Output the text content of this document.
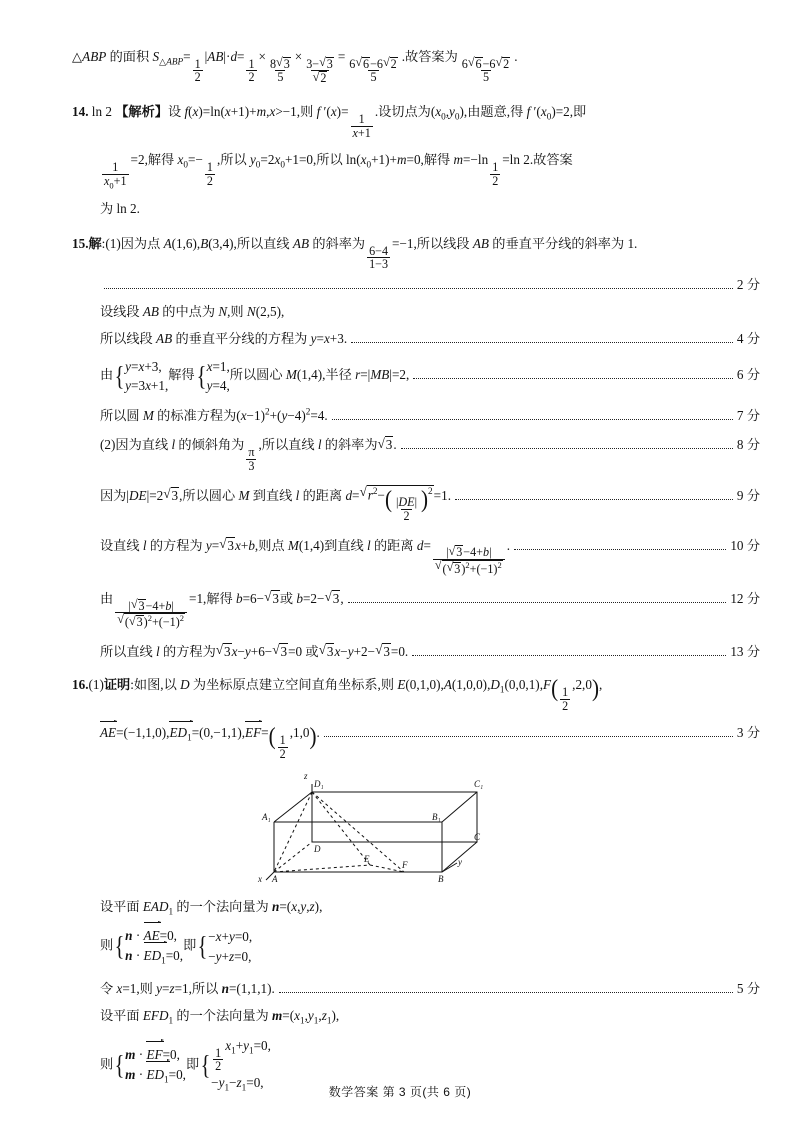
△ABP 的面积 $S_{\triangle ABP}=$
$\frac{1}{2}$
|AB|·d=
$\frac{1}{2}$
×
$\frac{8 √ 3}{5}$
×
3− √ 3
√ 2
=
$\frac{6 √ 6-6 √ 2}{5}$
.故答案为
$\frac{6 √ 6-6 √ 2}{5}$
.
14. ln 2 【解析】设 f(x)=ln(x+1)+m,x>−1,则 f ′(x)=
$\frac{1}{x+1}$
.设切点为$(x_0,y_0)$,由题意,得 f $'(x_0)=2$,即
$\frac{1}{x_0+1}$
=2,解得 $x_0=-$
$\frac{1}{2}$
,所以 $y_0=2x_0+1=0$,所以 $\ln(x_0+1)+m=0$,解得 m=−ln
$\frac{1}{2}$
=ln 2.故答案
为 ln 2.
15.解:(1)因为点 A(1,6),B(3,4),所以直线 AB 的斜率为
$\frac{6-4}{1-3}$
=−1,所以线段 AB 的垂直平分线的斜率为 1.
2 分
设线段 AB 的中点为 N,则 N(2,5),
所以线段 AB 的垂直平分线的方程为 y=x+3.	4 分
由 { y=x+3,
y=3x+1,
解得 { x=1,
y=4,
所以圆心 M(1,4),半径 r=|MB|=2,	6 分
所以圆 M 的标准方程为$(x-1)^2+(y-4)^2=4$.	7 分
(2)因为直线 l 的倾斜角为
$\frac{\pi}{3}$
,所以直线 l 的斜率为 √ 3.	8 分
因为|DE|=2 √ 3,所以圆心 M 到直线 l 的距离 d= √ $r^2-( \frac{|DE|}{2} )^2=1$.	9 分
设直线 l 的方程为 y= √ 3x+b,则点 M(1,4)到直线 l 的距离 d=
| √ 3−4+b|
√ ( √ $3)^2+(-1)^2$
.	10 分
由
| √ 3−4+b|
√ ( √ $3)^2+(-1)^2$
=1,解得 b=6− √ 3或 b=2− √ 3,	12 分
所以直线 l 的方程为 √ 3x−y+6− √ 3=0 或 √ 3x−y+2− √ 3=0.	13 分
16.(1)证明:如图,以 D 为坐标原点建立空间直角坐标系,则 $E(0,1,0),A(1,0,0),D_1(0,0,1),F( \frac{1}{2}$
,2,0),
$AE=(-1,1,0),ED_1=(0,-1,1),EF=( \frac{1}{2}$
,1,0).	3 分
z
D₁	C₁
A₁	B₁
D
E
C
y
x A
F
B
设平面 $EAD_1$ 的一个法向量为 n=(x,y,z),
则 { n · AE=0,
$n \cdot ED_1=0$,
即 { −x+y=0,
−y+z=0,
令 x=1,则 y=z=1,所以 n=(1,1,1).	5 分
设平面 $EFD_1$ 的一个法向量为 $m=(x_1,y_1,z_1)$,
则 { m · EF=0,
$m \cdot ED_1=0$,
即 { $\frac{1}{2}$
$x_1+y_1=0$,
$-y_1-z_1=0$,
数学答案 第 3 页(共 6 页)
